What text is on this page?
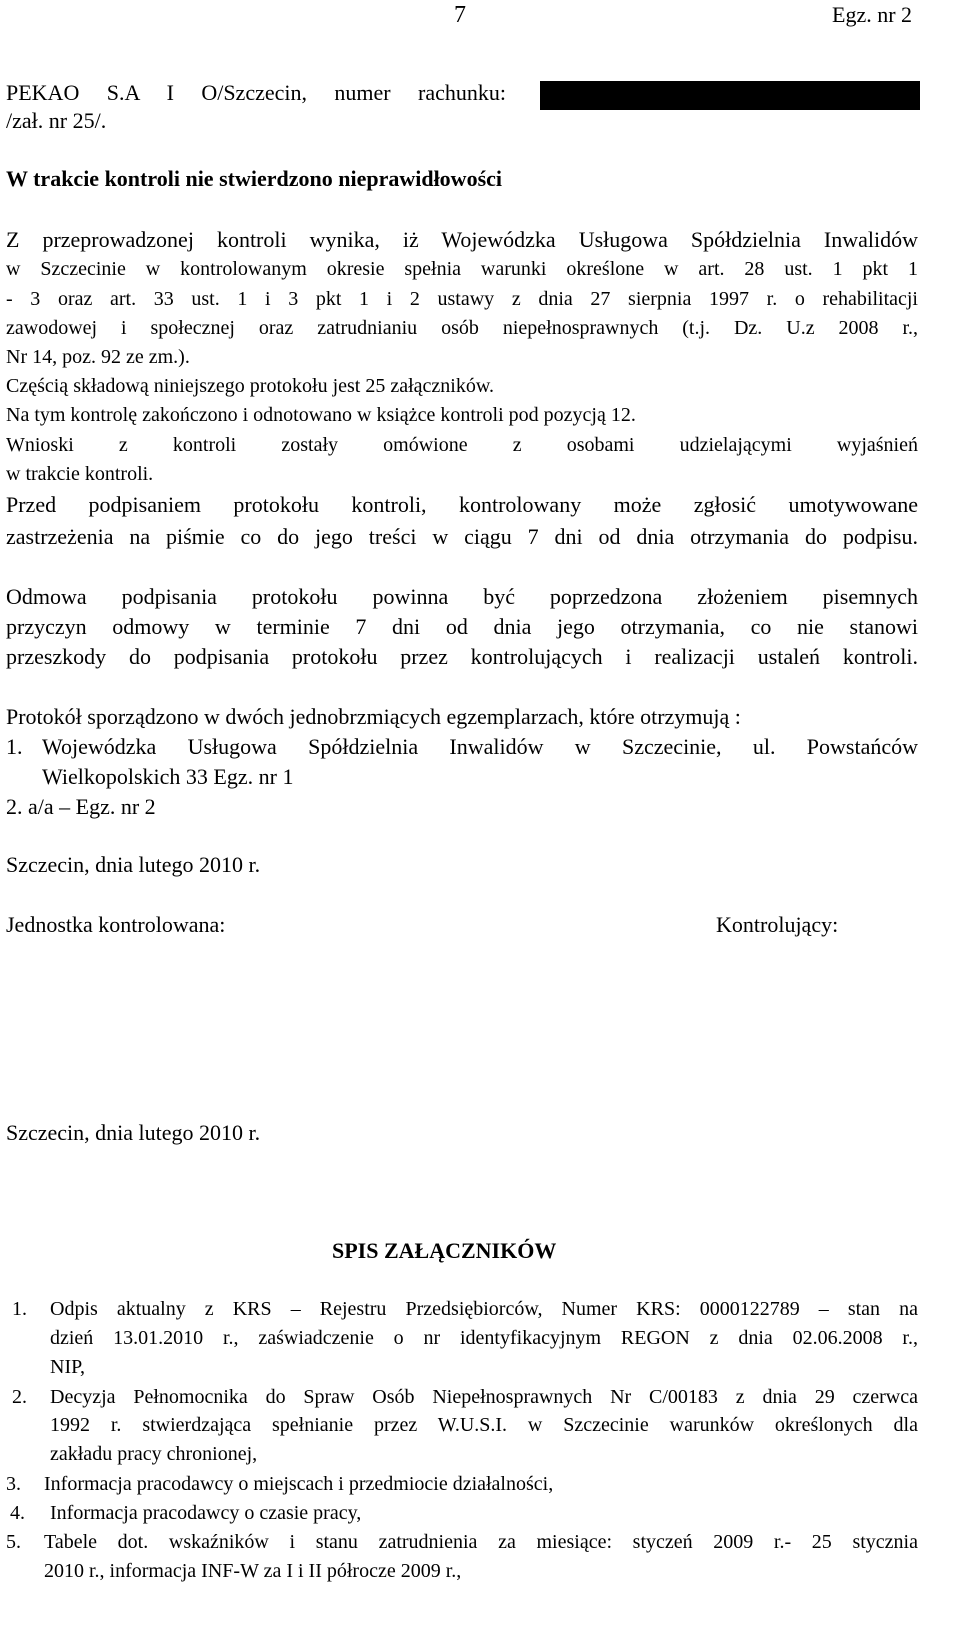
7	Egz. nr 2
PEKAO S.A I O/Szczecin, numer rachunku:
/zał. nr 25/.
W trakcie kontroli nie stwierdzono nieprawidłowości
Z przeprowadzonej kontroli wynika, iż Wojewódzka Usługowa Spółdzielnia Inwalidów
w Szczecinie w kontrolowanym okresie spełnia warunki określone w art. 28 ust. 1 pkt 1
- 3 oraz art. 33 ust. 1 i 3 pkt 1 i 2 ustawy z dnia 27 sierpnia 1997 r. o rehabilitacji
zawodowej i społecznej oraz zatrudnianiu osób niepełnosprawnych (t.j. Dz. U.z 2008 r.,
Nr 14, poz. 92 ze zm.).
Częścią składową niniejszego protokołu jest 25 załączników.
Na tym kontrolę zakończono i odnotowano w książce kontroli pod pozycją 12.
Wnioski z kontroli zostały omówione z osobami udzielającymi wyjaśnień
w trakcie kontroli.
Przed podpisaniem protokołu kontroli, kontrolowany może zgłosić umotywowane
zastrzeżenia na piśmie co do jego treści w ciągu 7 dni od dnia otrzymania do podpisu.
Odmowa podpisania protokołu powinna być poprzedzona złożeniem pisemnych
przyczyn odmowy w terminie 7 dni od dnia jego otrzymania, co nie stanowi
przeszkody do podpisania protokołu przez kontrolujących i realizacji ustaleń kontroli.
Protokół sporządzono w dwóch jednobrzmiących egzemplarzach, które otrzymują :
1. Wojewódzka Usługowa Spółdzielnia Inwalidów w Szczecinie, ul. Powstańców
Wielkopolskich 33 Egz. nr 1
2. a/a – Egz. nr 2
Szczecin, dnia lutego 2010 r.
Jednostka kontrolowana:	Kontrolujący:
Szczecin, dnia lutego 2010 r.
SPIS ZAŁĄCZNIKÓW
1. Odpis aktualny z KRS – Rejestru Przedsiębiorców, Numer KRS: 0000122789 – stan na
dzień 13.01.2010 r., zaświadczenie o nr identyfikacyjnym REGON z dnia 02.06.2008 r.,
NIP,
2. Decyzja Pełnomocnika do Spraw Osób Niepełnosprawnych Nr C/00183 z dnia 29 czerwca
1992 r. stwierdzająca spełnianie przez W.U.S.I. w Szczecinie warunków określonych dla
zakładu pracy chronionej,
3. Informacja pracodawcy o miejscach i przedmiocie działalności,
4. Informacja pracodawcy o czasie pracy,
5. Tabele dot. wskaźników i stanu zatrudnienia za miesiące: styczeń 2009 r.- 25 stycznia
2010 r., informacja INF-W za I i II półrocze 2009 r.,
